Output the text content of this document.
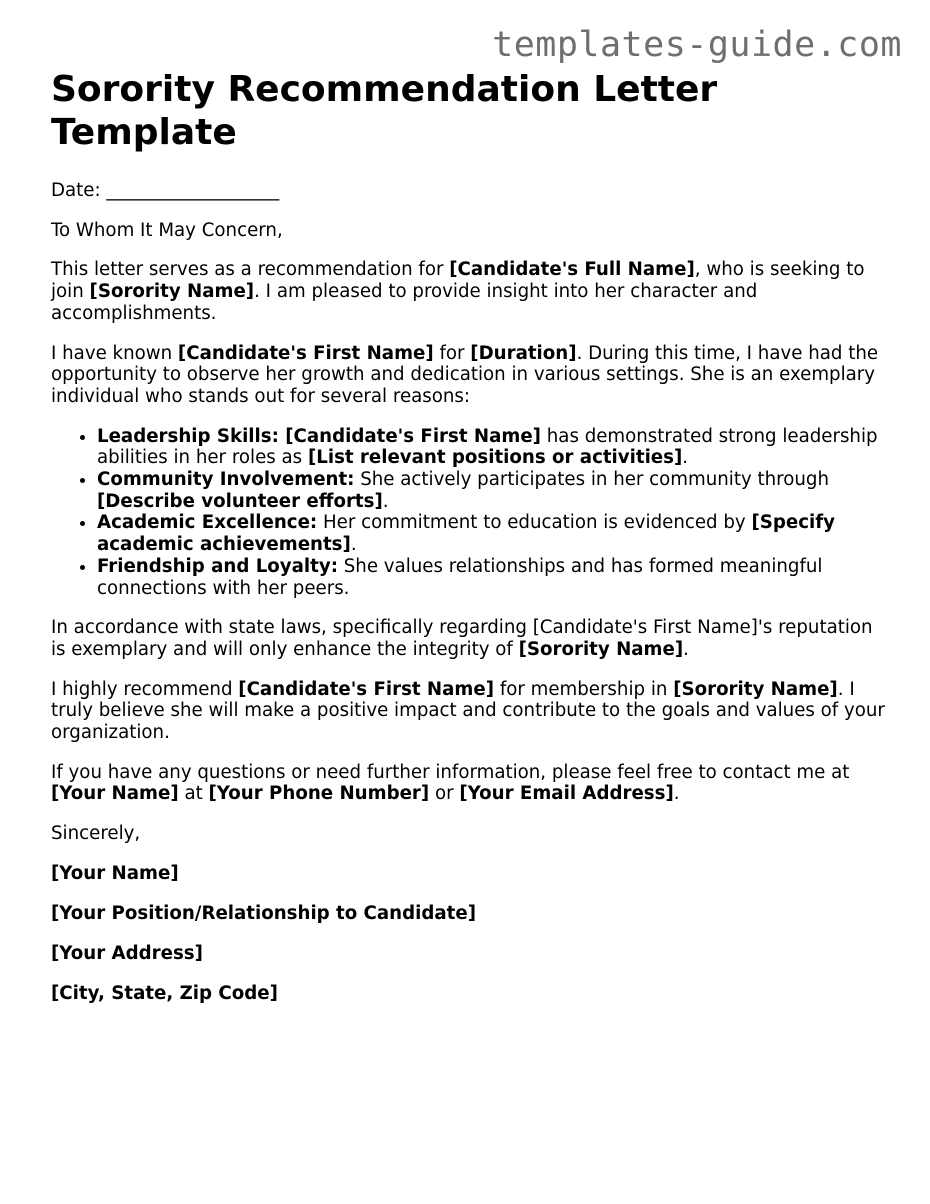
templates-guide.com
Sorority Recommendation Letter Template

Date: ___________________

To Whom It May Concern,

This letter serves as a recommendation for [Candidate's Full Name], who is seeking to join [Sorority Name]. I am pleased to provide insight into her character and accomplishments.

I have known [Candidate's First Name] for [Duration]. During this time, I have had the opportunity to observe her growth and dedication in various settings. She is an exemplary individual who stands out for several reasons:

• Leadership Skills: [Candidate's First Name] has demonstrated strong leadership abilities in her roles as [List relevant positions or activities].
• Community Involvement: She actively participates in her community through [Describe volunteer efforts].
• Academic Excellence: Her commitment to education is evidenced by [Specify academic achievements].
• Friendship and Loyalty: She values relationships and has formed meaningful connections with her peers.

In accordance with state laws, specifically regarding [Candidate's First Name]'s reputation is exemplary and will only enhance the integrity of [Sorority Name].

I highly recommend [Candidate's First Name] for membership in [Sorority Name]. I truly believe she will make a positive impact and contribute to the goals and values of your organization.

If you have any questions or need further information, please feel free to contact me at [Your Name] at [Your Phone Number] or [Your Email Address].

Sincerely,

[Your Name]

[Your Position/Relationship to Candidate]

[Your Address]

[City, State, Zip Code]
